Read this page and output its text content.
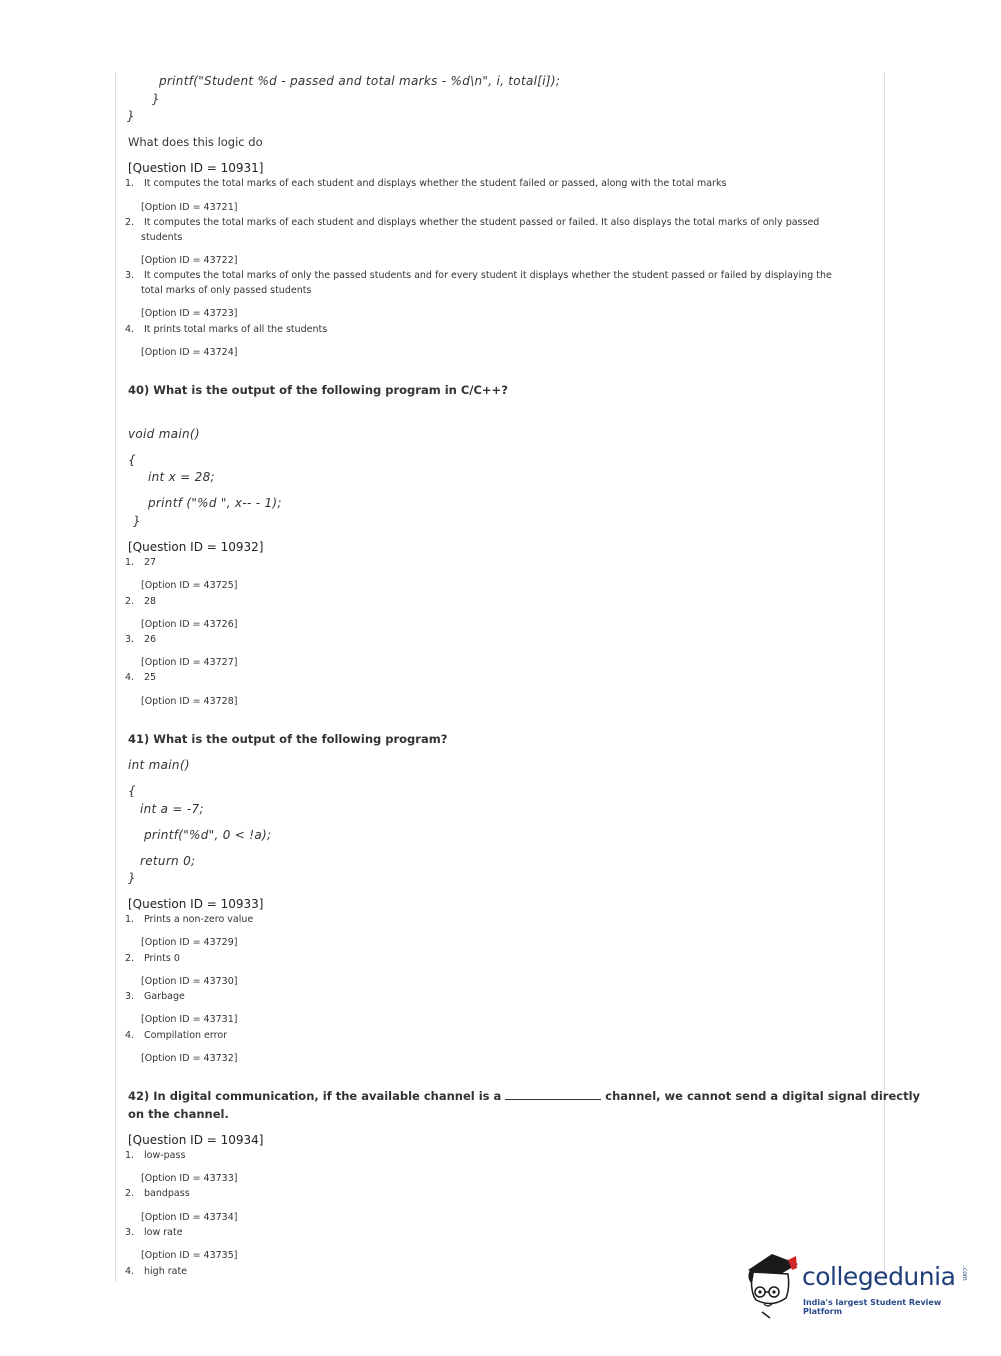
printf("Student %d - passed and total marks - %d\n", i, total[i]);
}
}
What does this logic do
[Question ID = 10931]
1. It computes the total marks of each student and displays whether the student failed or passed, along with the total marks
[Option ID = 43721]
2. It computes the total marks of each student and displays whether the student passed or failed. It also displays the total marks of only passed
students
[Option ID = 43722]
3. It computes the total marks of only the passed students and for every student it displays whether the student passed or failed by displaying the
total marks of only passed students
[Option ID = 43723]
4. It prints total marks of all the students
[Option ID = 43724]
40) What is the output of the following program in C/C++?
void main()
{
int x = 28;
printf ("%d ", x-- - 1);
}
[Question ID = 10932]
1. 27
[Option ID = 43725]
2. 28
[Option ID = 43726]
3. 26
[Option ID = 43727]
4. 25
[Option ID = 43728]
41) What is the output of the following program?
int main()
{
int a = -7;
printf("%d", 0 < !a);
return 0;
}
[Question ID = 10933]
1. Prints a non-zero value
[Option ID = 43729]
2. Prints 0
[Option ID = 43730]
3. Garbage
[Option ID = 43731]
4. Compilation error
[Option ID = 43732]
42) In digital communication, if the available channel is a	channel, we cannot send a digital signal directly
on the channel.
[Question ID = 10934]
1. low-pass
[Option ID = 43733]
2. bandpass
[Option ID = 43734]
3. low rate
[Option ID = 43735]
4. high rate	collegedunia .com
India's largest Student Review Platform
